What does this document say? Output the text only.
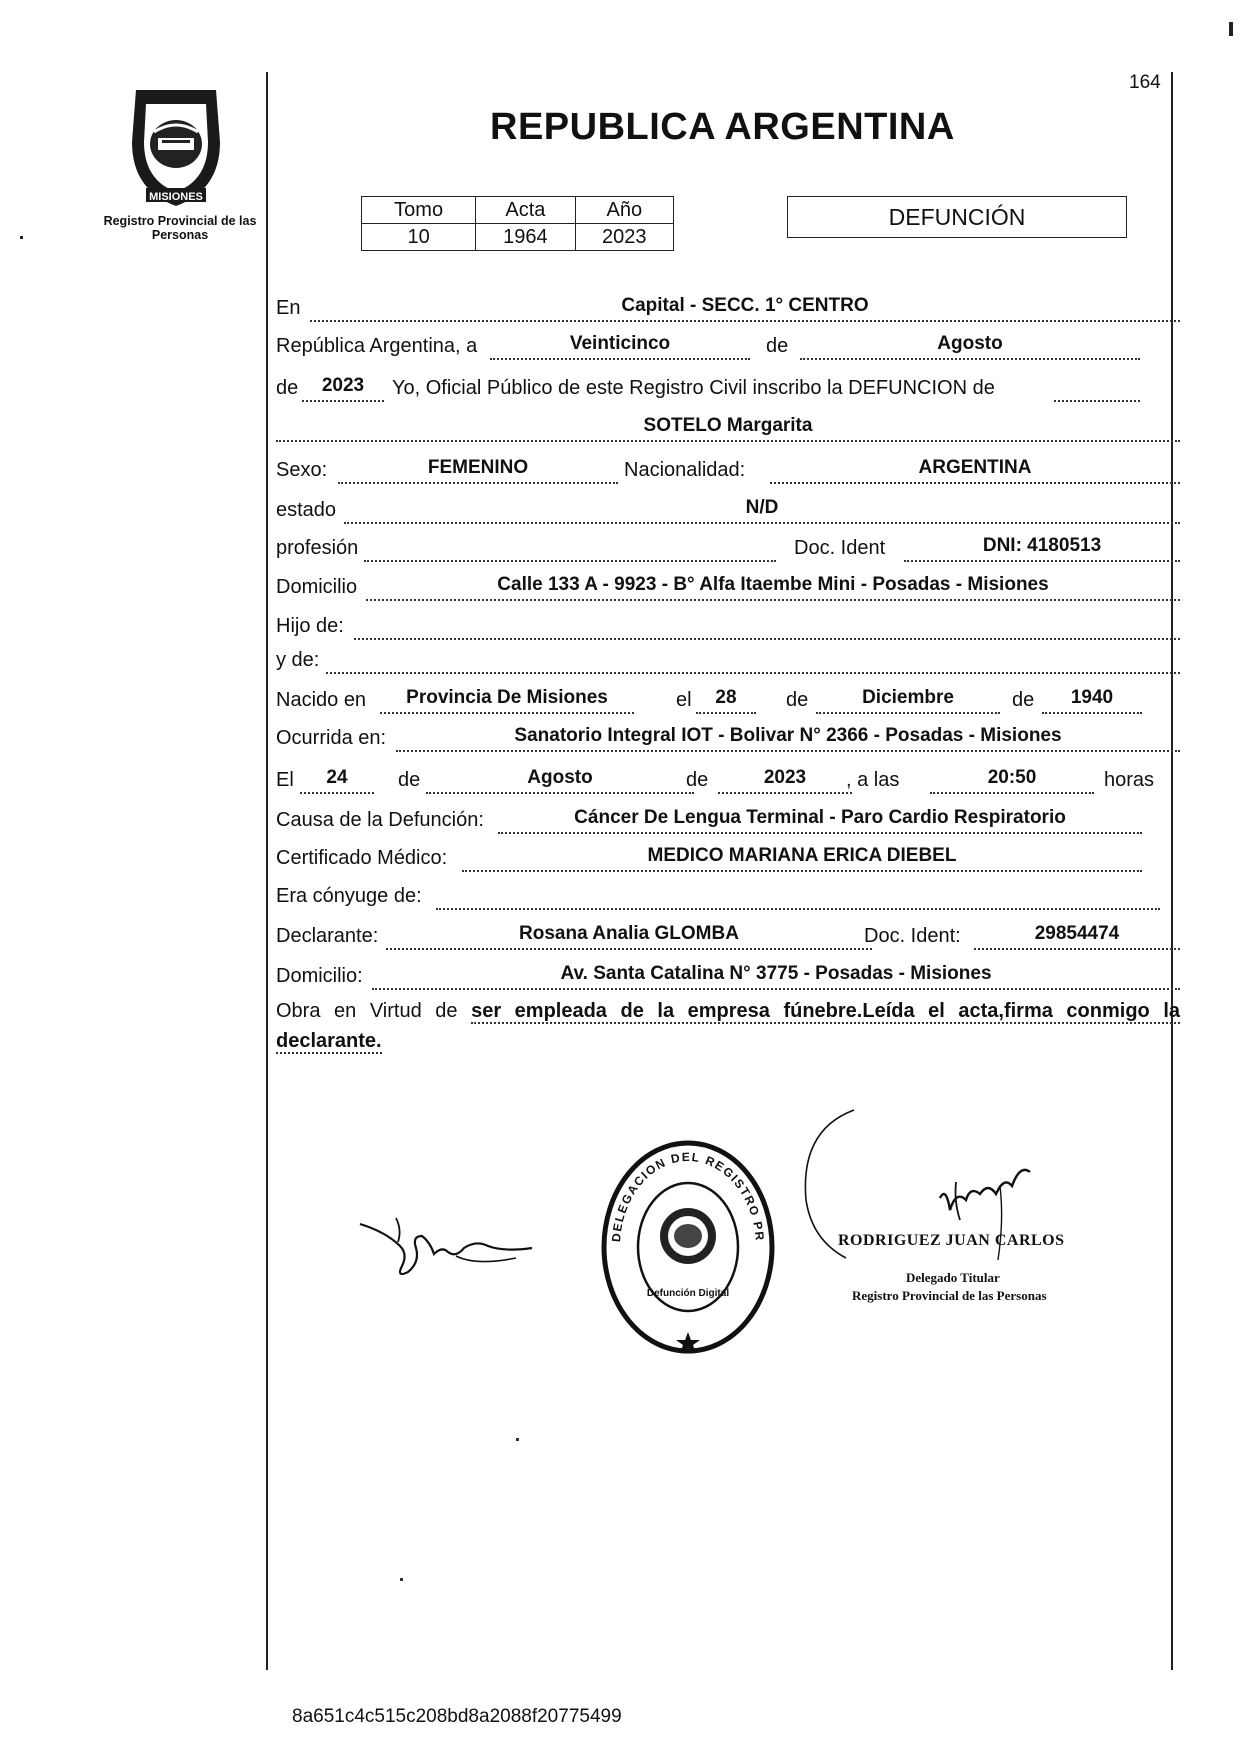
MISIONES
Registro Provincial de las Personas
164
REPUBLICA ARGENTINA
Tomo	Acta	Año
10	1964	2023
DEFUNCIÓN
En	Capital - SECC. 1° CENTRO
República Argentina, a	Veinticinco	de	Agosto
de	2023	Yo, Oficial Público de este Registro Civil inscribo la DEFUNCION de
SOTELO Margarita
Sexo:	FEMENINO	Nacionalidad:	ARGENTINA
estado	N/D
profesión	Doc. Ident	DNI: 4180513
Domicilio	Calle 133 A - 9923 - B° Alfa Itaembe Mini - Posadas - Misiones
Hijo de:
y de:
Nacido en	Provincia De Misiones	el	28	de	Diciembre	de	1940
Ocurrida en:	Sanatorio Integral IOT - Bolivar N° 2366 - Posadas - Misiones
El	24	de	Agosto	de	2023	, a las	20:50	horas
Causa de la Defunción:	Cáncer De Lengua Terminal - Paro Cardio Respiratorio
Certificado Médico:	MEDICO MARIANA ERICA DIEBEL
Era cónyuge de:
Declarante:	Rosana Analia GLOMBA	Doc. Ident:	29854474
Domicilio:	Av. Santa Catalina N° 3775 - Posadas - Misiones
Obra en Virtud de ser empleada de la empresa fúnebre.Leída el acta,firma conmigo la declarante.
DELEGACION DEL REGISTRO PR
Defunción Digital
RODRIGUEZ JUAN CARLOS
Delegado Titular
Registro Provincial de las Personas
8a651c4c515c208bd8a2088f20775499
